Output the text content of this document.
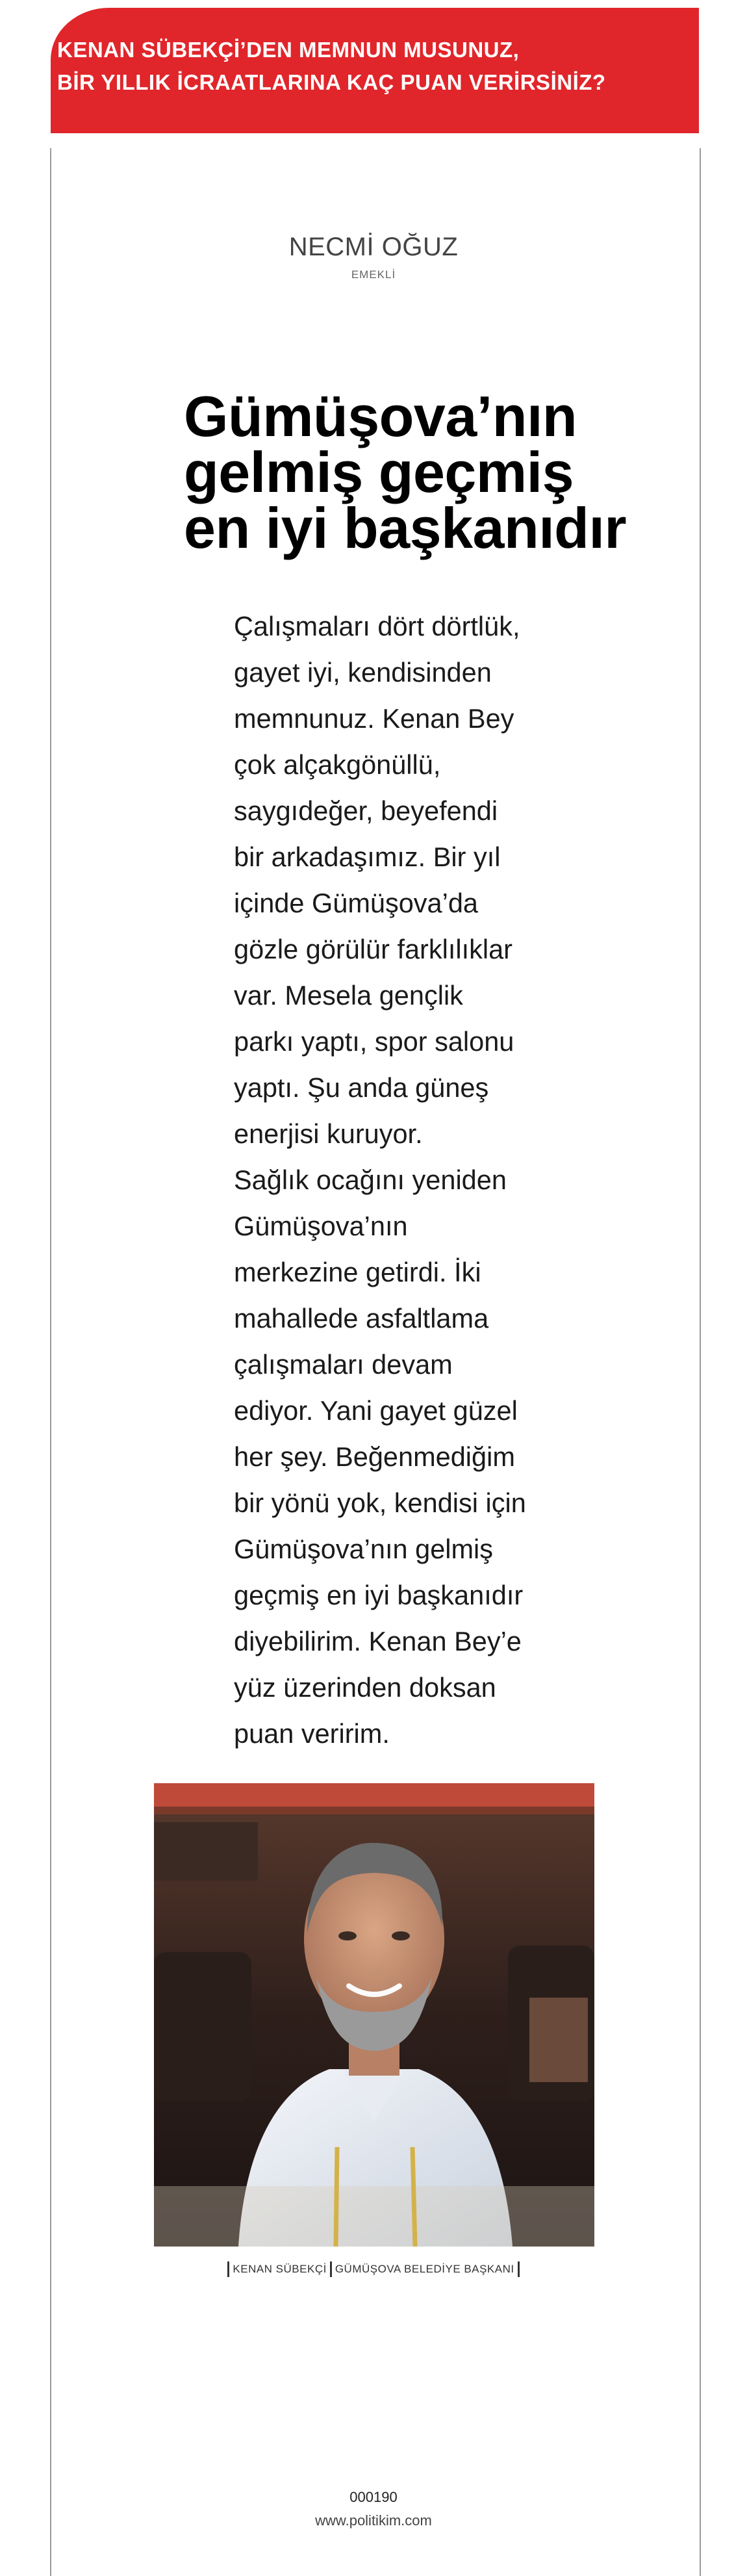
KENAN SÜBEKÇİ’DEN MEMNUN MUSUNUZ,
BİR YILLIK İCRAATLARINA KAÇ PUAN VERİRSİNİZ?
NECMİ OĞUZ
EMEKLİ
Gümüşova’nın
gelmiş geçmiş
en iyi başkanıdır
Çalışmaları dört dörtlük,
gayet iyi, kendisinden
memnunuz. Kenan Bey
çok alçakgönüllü,
saygıdeğer, beyefendi
bir arkadaşımız. Bir yıl
içinde Gümüşova’da
gözle görülür farklılıklar
var. Mesela gençlik
parkı yaptı, spor salonu
yaptı. Şu anda güneş
enerjisi kuruyor.
Sağlık ocağını yeniden
Gümüşova’nın
merkezine getirdi. İki
mahallede asfaltlama
çalışmaları devam
ediyor. Yani gayet güzel
her şey. Beğenmediğim
bir yönü yok, kendisi için
Gümüşova’nın gelmiş
geçmiş en iyi başkanıdır
diyebilirim. Kenan Bey’e
yüz üzerinden doksan
puan veririm.
KENAN SÜBEKÇİ GÜMÜŞOVA BELEDİYE BAŞKANI
000190
www.politikim.com
